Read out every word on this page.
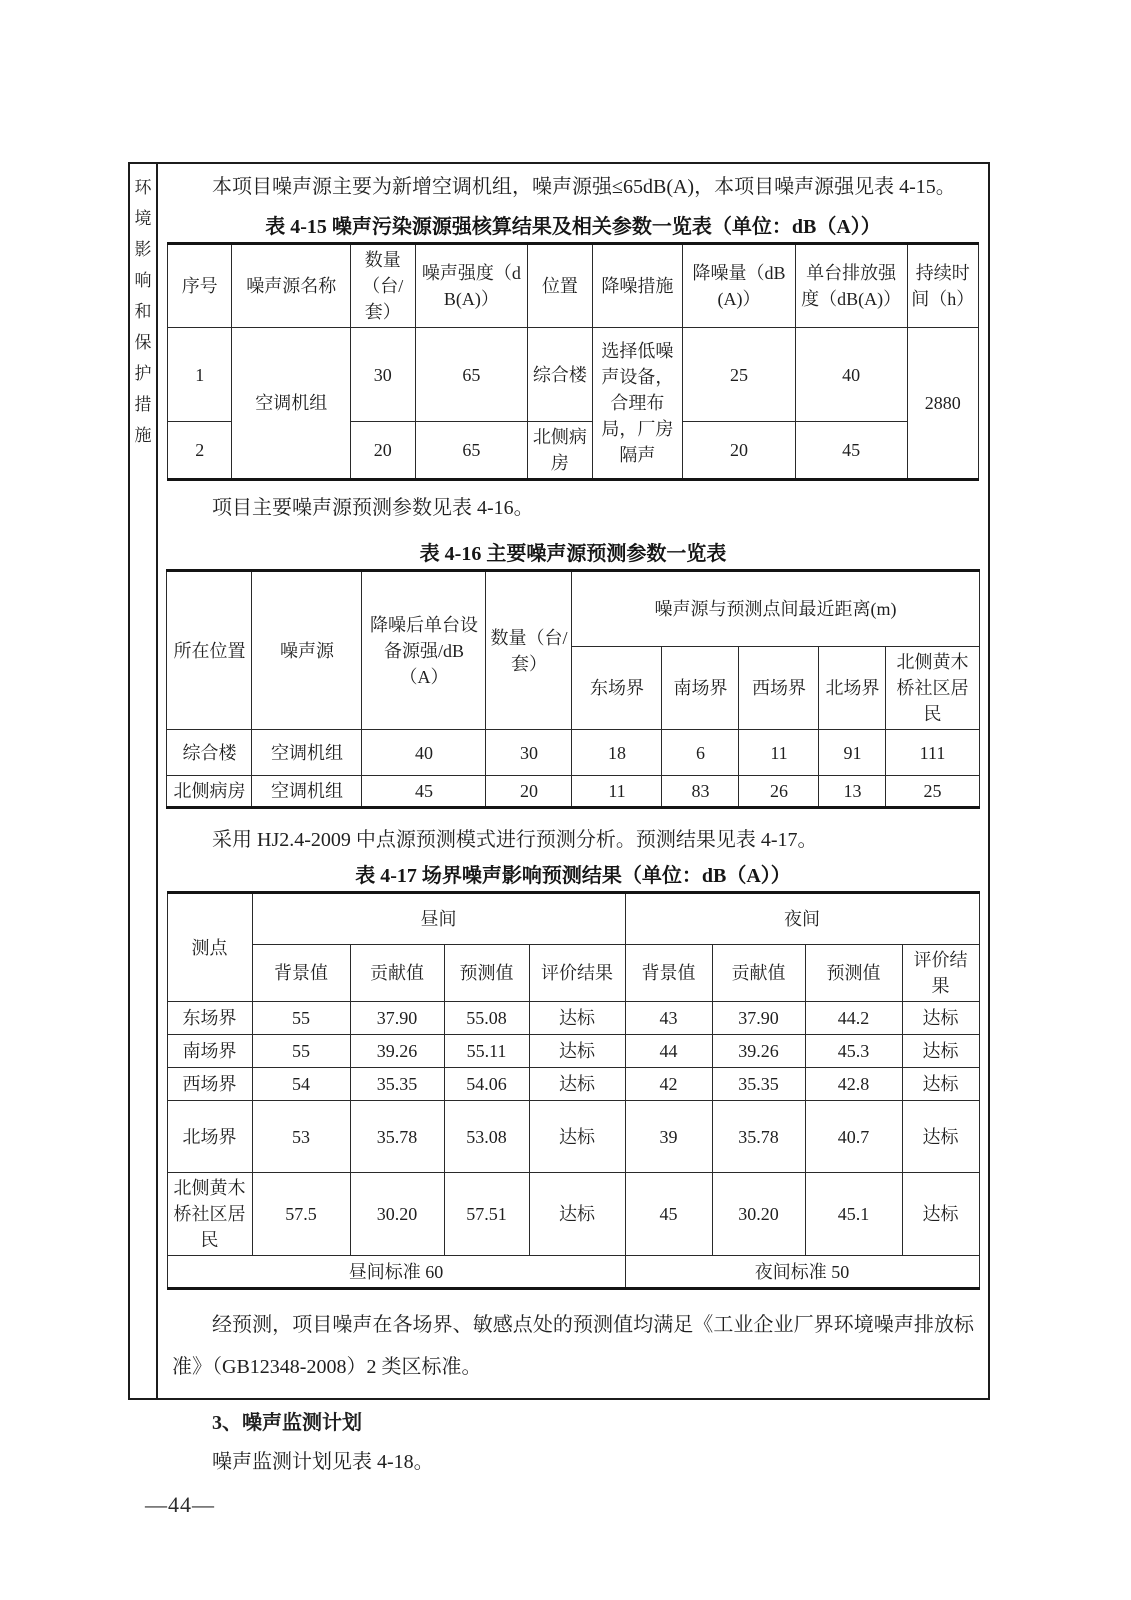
环境影响和保护措施

本项目噪声源主要为新增空调机组，噪声源强≤65dB(A)，本项目噪声源强见表 4-15。

表 4-15 噪声污染源源强核算结果及相关参数一览表（单位：dB（A））
序号	噪声源名称	数量（台/套）	噪声强度（dB(A)）	位置	降噪措施	降噪量（dB(A)）	单台排放强度（dB(A)）	持续时间（h）
1	空调机组	30	65	综合楼	选择低噪声设备，合理布局，厂房隔声	25	40	2880
2		20	65	北侧病房		20	45	

项目主要噪声源预测参数见表 4-16。

表 4-16 主要噪声源预测参数一览表
所在位置	噪声源	降噪后单台设备源强/dB（A）	数量（台/套）	噪声源与预测点间最近距离(m)				
				东场界	南场界	西场界	北场界	北侧黄木桥社区居民
综合楼	空调机组	40	30	18	6	11	91	111
北侧病房	空调机组	45	20	11	83	26	13	25

采用 HJ2.4-2009 中点源预测模式进行预测分析。预测结果见表 4-17。

表 4-17 场界噪声影响预测结果（单位：dB（A））
测点	昼间				夜间			
	背景值	贡献值	预测值	评价结果	背景值	贡献值	预测值	评价结果
东场界	55	37.90	55.08	达标	43	37.90	44.2	达标
南场界	55	39.26	55.11	达标	44	39.26	45.3	达标
西场界	54	35.35	54.06	达标	42	35.35	42.8	达标
北场界	53	35.78	53.08	达标	39	35.78	40.7	达标
北侧黄木桥社区居民	57.5	30.20	57.51	达标	45	30.20	45.1	达标
昼间标准 60					夜间标准 50			

经预测，项目噪声在各场界、敏感点处的预测值均满足《工业企业厂界环境噪声排放标准》（GB12348-2008）2 类区标准。

3、噪声监测计划

噪声监测计划见表 4-18。

—44—
